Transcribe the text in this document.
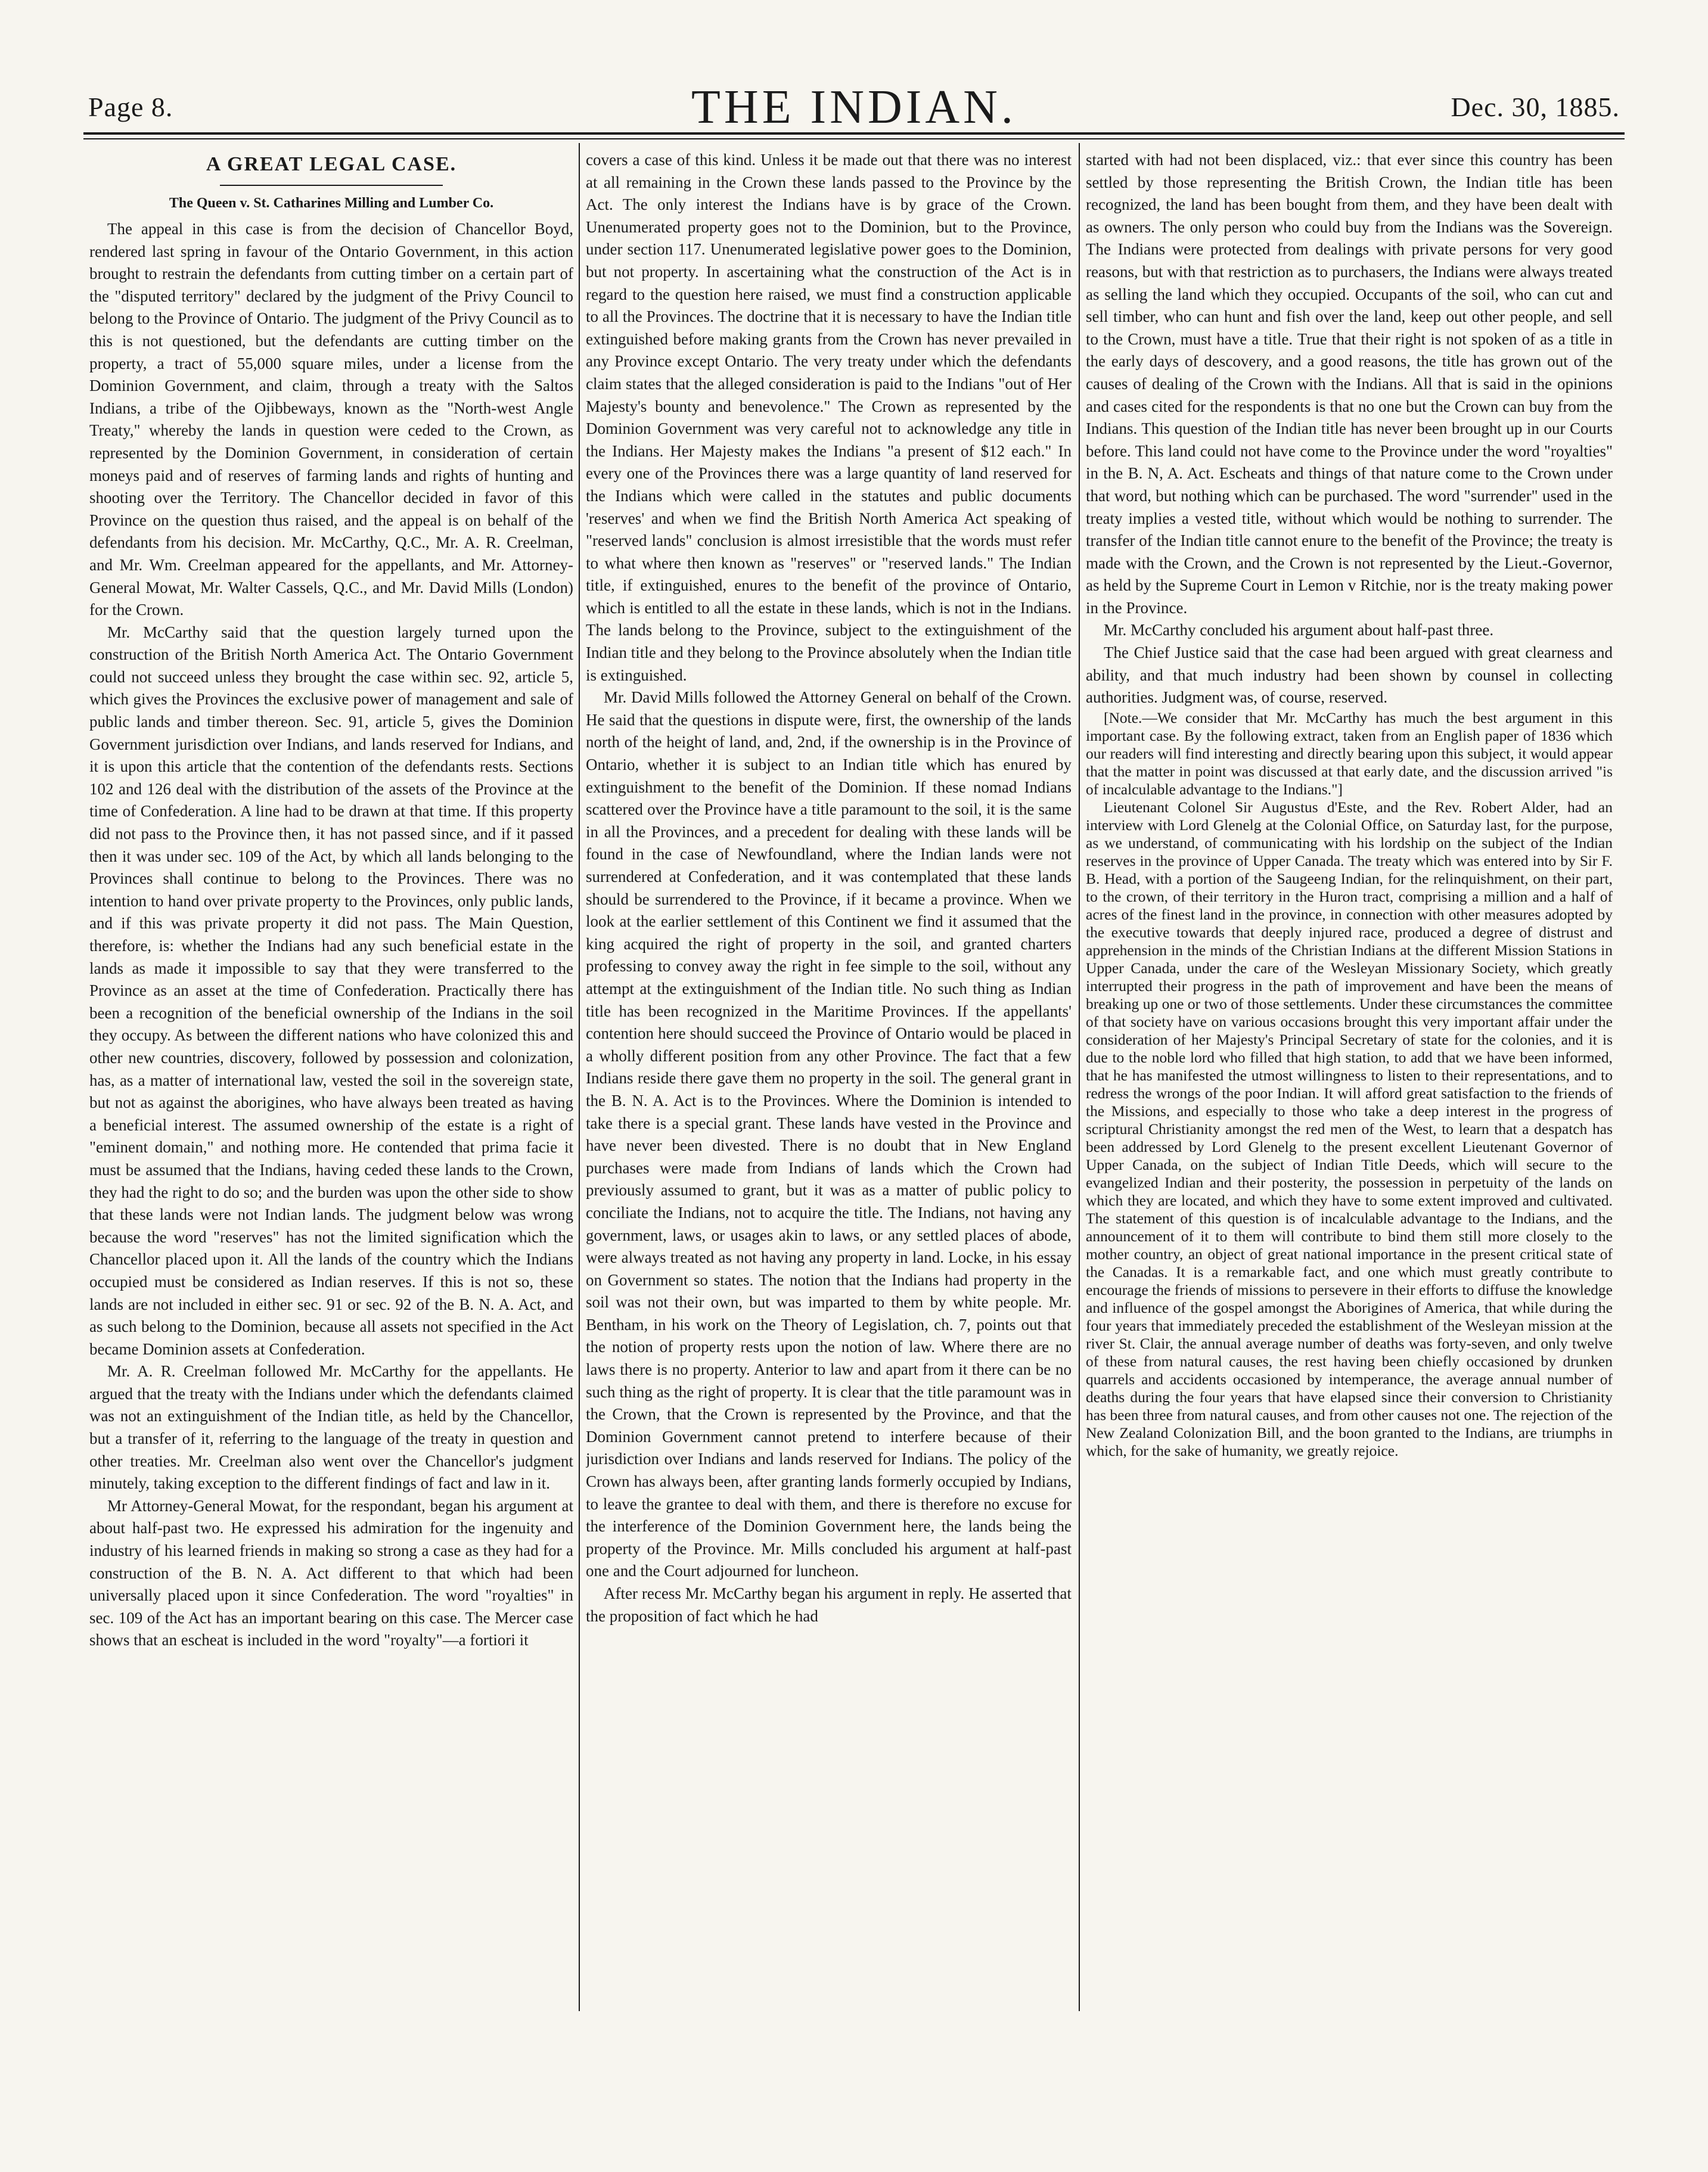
Page 8.	THE INDIAN.	Dec. 30, 1885.
A GREAT LEGAL CASE.
The Queen v. St. Catharines Milling and Lumber Co.

The appeal in this case is from the decision of Chancellor Boyd, rendered last spring in favour of the Ontario Government, in this action brought to restrain the defendants from cutting timber on a certain part of the "disputed territory" declared by the judgment of the Privy Council to belong to the Province of Ontario. The judgment of the Privy Council as to this is not questioned, but the defendants are cutting timber on the property, a tract of 55,000 square miles, under a license from the Dominion Government, and claim, through a treaty with the Saltos Indians, a tribe of the Ojibbeways, known as the "North-west Angle Treaty," whereby the lands in question were ceded to the Crown, as represented by the Dominion Government, in consideration of certain moneys paid and of reserves of farming lands and rights of hunting and shooting over the Territory. The Chancellor decided in favor of this Province on the question thus raised, and the appeal is on behalf of the defendants from his decision. Mr. McCarthy, Q.C., Mr. A. R. Creelman, and Mr. Wm. Creelman appeared for the appellants, and Mr. Attorney-General Mowat, Mr. Walter Cassels, Q.C., and Mr. David Mills (London) for the Crown.

Mr. McCarthy said that the question largely turned upon the construction of the British North America Act. The Ontario Government could not succeed unless they brought the case within sec. 92, article 5, which gives the Provinces the exclusive power of management and sale of public lands and timber thereon. Sec. 91, article 5, gives the Dominion Government jurisdiction over Indians, and lands reserved for Indians, and it is upon this article that the contention of the defendants rests. Sections 102 and 126 deal with the distribution of the assets of the Province at the time of Confederation. A line had to be drawn at that time. If this property did not pass to the Province then, it has not passed since, and if it passed then it was under sec. 109 of the Act, by which all lands belonging to the Provinces shall continue to belong to the Provinces. There was no intention to hand over private property to the Provinces, only public lands, and if this was private property it did not pass. The Main Question, therefore, is: whether the Indians had any such beneficial estate in the lands as made it impossible to say that they were transferred to the Province as an asset at the time of Confederation. Practically there has been a recognition of the beneficial ownership of the Indians in the soil they occupy. As between the different nations who have colonized this and other new countries, discovery, followed by possession and colonization, has, as a matter of international law, vested the soil in the sovereign state, but not as against the aborigines, who have always been treated as having a beneficial interest. The assumed ownership of the estate is a right of "eminent domain," and nothing more. He contended that prima facie it must be assumed that the Indians, having ceded these lands to the Crown, they had the right to do so; and the burden was upon the other side to show that these lands were not Indian lands. The judgment below was wrong because the word "reserves" has not the limited signification which the Chancellor placed upon it. All the lands of the country which the Indians occupied must be considered as Indian reserves. If this is not so, these lands are not included in either sec. 91 or sec. 92 of the B. N. A. Act, and as such belong to the Dominion, because all assets not specified in the Act became Dominion assets at Confederation.

Mr. A. R. Creelman followed Mr. McCarthy for the appellants. He argued that the treaty with the Indians under which the defendants claimed was not an extinguishment of the Indian title, as held by the Chancellor, but a transfer of it, referring to the language of the treaty in question and other treaties. Mr. Creelman also went over the Chancellor's judgment minutely, taking exception to the different findings of fact and law in it.

Mr Attorney-General Mowat, for the respondant, began his argument at about half-past two. He expressed his admiration for the ingenuity and industry of his learned friends in making so strong a case as they had for a construction of the B. N. A. Act different to that which had been universally placed upon it since Confederation. The word "royalties" in sec. 109 of the Act has an important bearing on this case. The Mercer case shows that an escheat is included in the word "royalty"—a fortiori it

covers a case of this kind. Unless it be made out that there was no interest at all remaining in the Crown these lands passed to the Province by the Act. The only interest the Indians have is by grace of the Crown. Unenumerated property goes not to the Dominion, but to the Province, under section 117. Unenumerated legislative power goes to the Dominion, but not property. In ascertaining what the construction of the Act is in regard to the question here raised, we must find a construction applicable to all the Provinces. The doctrine that it is necessary to have the Indian title extinguished before making grants from the Crown has never prevailed in any Province except Ontario. The very treaty under which the defendants claim states that the alleged consideration is paid to the Indians "out of Her Majesty's bounty and benevolence." The Crown as represented by the Dominion Government was very careful not to acknowledge any title in the Indians. Her Majesty makes the Indians "a present of $12 each." In every one of the Provinces there was a large quantity of land reserved for the Indians which were called in the statutes and public documents 'reserves' and when we find the British North America Act speaking of "reserved lands" conclusion is almost irresistible that the words must refer to what where then known as "reserves" or "reserved lands." The Indian title, if extinguished, enures to the benefit of the province of Ontario, which is entitled to all the estate in these lands, which is not in the Indians. The lands belong to the Province, subject to the extinguishment of the Indian title and they belong to the Province absolutely when the Indian title is extinguished.

Mr. David Mills followed the Attorney General on behalf of the Crown. He said that the questions in dispute were, first, the ownership of the lands north of the height of land, and, 2nd, if the ownership is in the Province of Ontario, whether it is subject to an Indian title which has enured by extinguishment to the benefit of the Dominion. If these nomad Indians scattered over the Province have a title paramount to the soil, it is the same in all the Provinces, and a precedent for dealing with these lands will be found in the case of Newfoundland, where the Indian lands were not surrendered at Confederation, and it was contemplated that these lands should be surrendered to the Province, if it became a province. When we look at the earlier settlement of this Continent we find it assumed that the king acquired the right of property in the soil, and granted charters professing to convey away the right in fee simple to the soil, without any attempt at the extinguishment of the Indian title. No such thing as Indian title has been recognized in the Maritime Provinces. If the appellants' contention here should succeed the Province of Ontario would be placed in a wholly different position from any other Province. The fact that a few Indians reside there gave them no property in the soil. The general grant in the B. N. A. Act is to the Provinces. Where the Dominion is intended to take there is a special grant. These lands have vested in the Province and have never been divested. There is no doubt that in New England purchases were made from Indians of lands which the Crown had previously assumed to grant, but it was as a matter of public policy to conciliate the Indians, not to acquire the title. The Indians, not having any government, laws, or usages akin to laws, or any settled places of abode, were always treated as not having any property in land. Locke, in his essay on Government so states. The notion that the Indians had property in the soil was not their own, but was imparted to them by white people. Mr. Bentham, in his work on the Theory of Legislation, ch. 7, points out that the notion of property rests upon the notion of law. Where there are no laws there is no property. Anterior to law and apart from it there can be no such thing as the right of property. It is clear that the title paramount was in the Crown, that the Crown is represented by the Province, and that the Dominion Government cannot pretend to interfere because of their jurisdiction over Indians and lands reserved for Indians. The policy of the Crown has always been, after granting lands formerly occupied by Indians, to leave the grantee to deal with them, and there is therefore no excuse for the interference of the Dominion Government here, the lands being the property of the Province. Mr. Mills concluded his argument at half-past one and the Court adjourned for luncheon.

After recess Mr. McCarthy began his argument in reply. He asserted that the proposition of fact which he had

started with had not been displaced, viz.: that ever since this country has been settled by those representing the British Crown, the Indian title has been recognized, the land has been bought from them, and they have been dealt with as owners. The only person who could buy from the Indians was the Sovereign. The Indians were protected from dealings with private persons for very good reasons, but with that restriction as to purchasers, the Indians were always treated as selling the land which they occupied. Occupants of the soil, who can cut and sell timber, who can hunt and fish over the land, keep out other people, and sell to the Crown, must have a title. True that their right is not spoken of as a title in the early days of descovery, and a good reasons, the title has grown out of the causes of dealing of the Crown with the Indians. All that is said in the opinions and cases cited for the respondents is that no one but the Crown can buy from the Indians. This question of the Indian title has never been brought up in our Courts before. This land could not have come to the Province under the word "royalties" in the B. N, A. Act. Escheats and things of that nature come to the Crown under that word, but nothing which can be purchased. The word "surrender" used in the treaty implies a vested title, without which would be nothing to surrender. The transfer of the Indian title cannot enure to the benefit of the Province; the treaty is made with the Crown, and the Crown is not represented by the Lieut.-Governor, as held by the Supreme Court in Lemon v Ritchie, nor is the treaty making power in the Province.

Mr. McCarthy concluded his argument about half-past three.

The Chief Justice said that the case had been argued with great clearness and ability, and that much industry had been shown by counsel in collecting authorities. Judgment was, of course, reserved.

[Note.—We consider that Mr. McCarthy has much the best argument in this important case. By the following extract, taken from an English paper of 1836 which our readers will find interesting and directly bearing upon this subject, it would appear that the matter in point was discussed at that early date, and the discussion arrived "is of incalculable advantage to the Indians."]

Lieutenant Colonel Sir Augustus d'Este, and the Rev. Robert Alder, had an interview with Lord Glenelg at the Colonial Office, on Saturday last, for the purpose, as we understand, of communicating with his lordship on the subject of the Indian reserves in the province of Upper Canada. The treaty which was entered into by Sir F. B. Head, with a portion of the Saugeeng Indian, for the relinquishment, on their part, to the crown, of their territory in the Huron tract, comprising a million and a half of acres of the finest land in the province, in connection with other measures adopted by the executive towards that deeply injured race, produced a degree of distrust and apprehension in the minds of the Christian Indians at the different Mission Stations in Upper Canada, under the care of the Wesleyan Missionary Society, which greatly interrupted their progress in the path of improvement and have been the means of breaking up one or two of those settlements. Under these circumstances the committee of that society have on various occasions brought this very important affair under the consideration of her Majesty's Principal Secretary of state for the colonies, and it is due to the noble lord who filled that high station, to add that we have been informed, that he has manifested the utmost willingness to listen to their representations, and to redress the wrongs of the poor Indian. It will afford great satisfaction to the friends of the Missions, and especially to those who take a deep interest in the progress of scriptural Christianity amongst the red men of the West, to learn that a despatch has been addressed by Lord Glenelg to the present excellent Lieutenant Governor of Upper Canada, on the subject of Indian Title Deeds, which will secure to the evangelized Indian and their posterity, the possession in perpetuity of the lands on which they are located, and which they have to some extent improved and cultivated. The statement of this question is of incalculable advantage to the Indians, and the announcement of it to them will contribute to bind them still more closely to the mother country, an object of great national importance in the present critical state of the Canadas. It is a remarkable fact, and one which must greatly contribute to encourage the friends of missions to persevere in their efforts to diffuse the knowledge and influence of the gospel amongst the Aborigines of America, that while during the four years that immediately preceded the establishment of the Wesleyan mission at the river St. Clair, the annual average number of deaths was forty-seven, and only twelve of these from natural causes, the rest having been chiefly occasioned by drunken quarrels and accidents occasioned by intemperance, the average annual number of deaths during the four years that have elapsed since their conversion to Christianity has been three from natural causes, and from other causes not one. The rejection of the New Zealand Colonization Bill, and the boon granted to the Indians, are triumphs in which, for the sake of humanity, we greatly rejoice.
